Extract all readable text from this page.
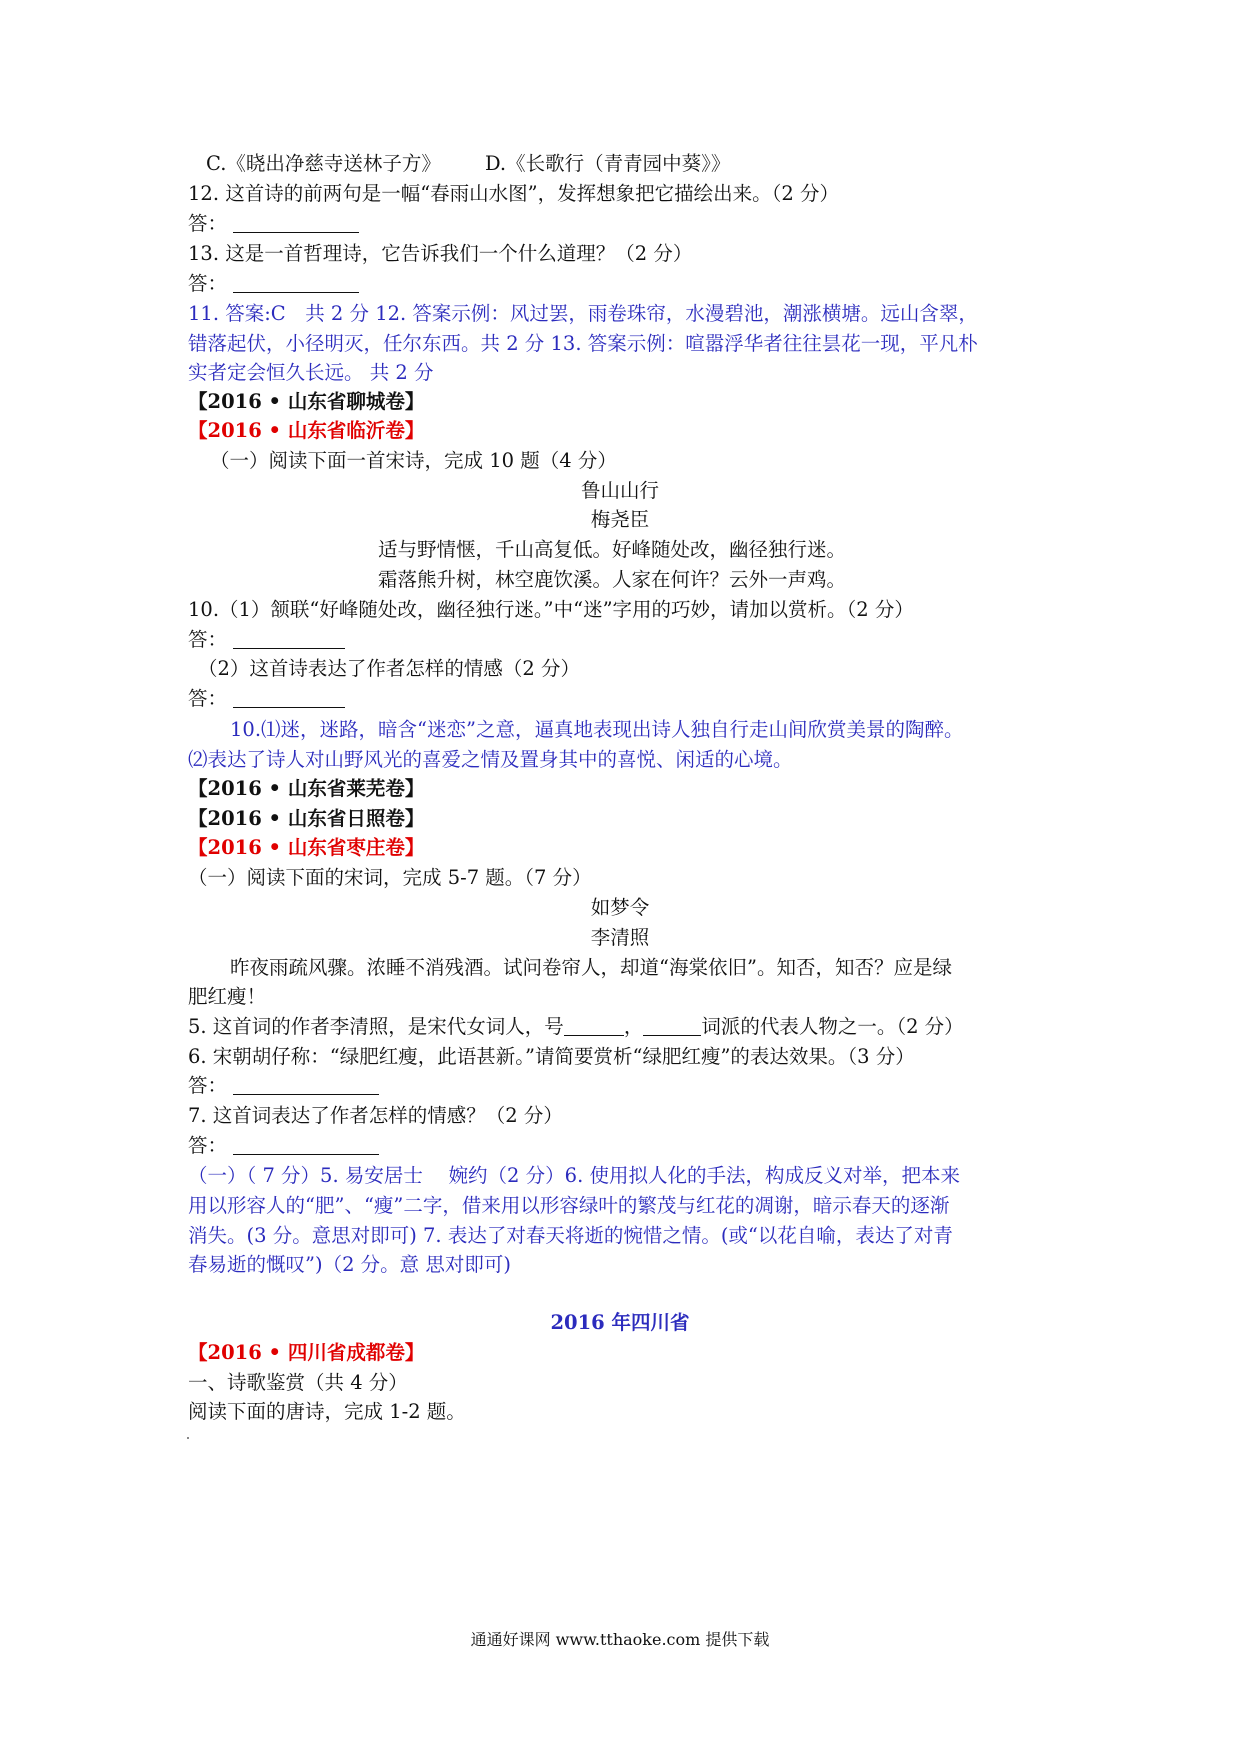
C.《晓出净慈寺送林子方》 D.《长歌行（青青园中葵》》
12. 这首诗的前两句是一幅“春雨山水图”，发挥想象把它描绘出来。（2 分）
答：
13. 这是一首哲理诗，它告诉我们一个什么道理？（2 分）
答：
11. 答案:C　共 2 分 12. 答案示例：风过罢，雨卷珠帘，水漫碧池，潮涨横塘。远山含翠，
错落起伏，小径明灭，任尔东西。共 2 分 13. 答案示例：喧嚣浮华者往往昙花一现，平凡朴
实者定会恒久长远。 共 2 分
【2016 • 山东省聊城卷】
【2016 • 山东省临沂卷】
（一）阅读下面一首宋诗，完成 10 题（4 分）
鲁山山行
梅尧臣
适与野情惬，千山高复低。好峰随处改，幽径独行迷。
霜落熊升树，林空鹿饮溪。人家在何许？云外一声鸡。
10.（1）颔联“好峰随处改，幽径独行迷。”中“迷”字用的巧妙，请加以赏析。（2 分）
答：
（2）这首诗表达了作者怎样的情感（2 分）
答：
10.⑴迷，迷路，暗含“迷恋”之意，逼真地表现出诗人独自行走山间欣赏美景的陶醉。
⑵表达了诗人对山野风光的喜爱之情及置身其中的喜悦、闲适的心境。
【2016 • 山东省莱芜卷】
【2016 • 山东省日照卷】
【2016 • 山东省枣庄卷】
（一）阅读下面的宋词，完成 5-7 题。（7 分）
如梦令
李清照
昨夜雨疏风骤。浓睡不消残酒。试问卷帘人，却道“海棠依旧”。知否，知否？应是绿
肥红瘦！
5. 这首词的作者李清照，是宋代女词人，号	，	词派的代表人物之一。（2 分）
6. 宋朝胡仔称：“绿肥红瘦，此语甚新。”请简要赏析“绿肥红瘦”的表达效果。（3 分）
答：
7. 这首词表达了作者怎样的情感？（2 分）
答：
（一）（ 7 分）5. 易安居士　 婉约（2 分）6. 使用拟人化的手法，构成反义对举，把本来
用以形容人的“肥”、“瘦”二字，借来用以形容绿叶的繁茂与红花的凋谢，暗示春天的逐渐
消失。(3 分。意思对即可) 7. 表达了对春天将逝的惋惜之情。(或“以花自喻，表达了对青
春易逝的慨叹”)（2 分。意 思对即可)
2016 年四川省
【2016 • 四川省成都卷】
一、诗歌鉴赏（共 4 分）
阅读下面的唐诗，完成 1-2 题。
通通好课网 www.tthaoke.com 提供下载
